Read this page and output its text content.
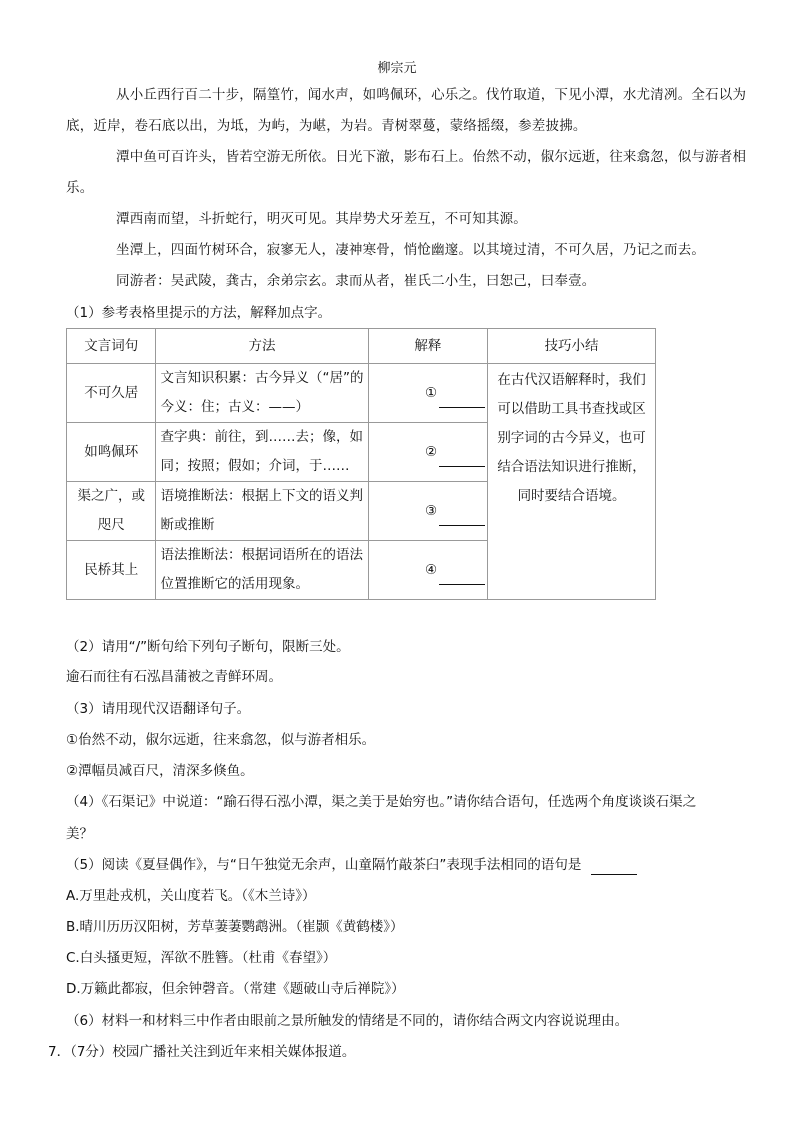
柳宗元
从小丘西行百二十步，隔篁竹，闻水声，如鸣佩环，心乐之。伐竹取道，下见小潭，水尤清冽。全石以为底，近岸，卷石底以出，为坻，为屿，为嵁，为岩。青树翠蔓，蒙络摇缀，参差披拂。
潭中鱼可百许头，皆若空游无所依。日光下澈，影布石上。佁然不动，俶尔远逝，往来翕忽，似与游者相乐。
潭西南而望，斗折蛇行，明灭可见。其岸势犬牙差互，不可知其源。
坐潭上，四面竹树环合，寂寥无人，凄神寒骨，悄怆幽邃。以其境过清，不可久居，乃记之而去。
同游者：吴武陵，龚古，余弟宗玄。隶而从者，崔氏二小生，曰恕己，曰奉壹。
（1）参考表格里提示的方法，解释加点字。
文言词句	方法	解释	技巧小结
不可久居	文言知识积累：古今异义（“居”的今义：住；古义：——）	①	在古代汉语解释时，我们可以借助工具书查找或区别字词的古今异义，也可结合语法知识进行推断，同时要结合语境。
如鸣佩环	查字典：前往，到……去；像，如同；按照；假如；介词，于……	②	
渠之广，或咫尺	语境推断法：根据上下文的语义判断或推断	③	
民桥其上	语法推断法：根据词语所在的语法位置推断它的活用现象。	④	
（2）请用“/”断句给下列句子断句，限断三处。
逾石而往有石泓昌蒲被之青鲜环周。
（3）请用现代汉语翻译句子。
①佁然不动，俶尔远逝，往来翕忽，似与游者相乐。
②潭幅员减百尺，清深多倏鱼。
（4）《石渠记》中说道：“踰石得石泓小潭，渠之美于是始穷也。”请你结合语句，任选两个角度谈谈石渠之
美？
（5）阅读《夏昼偶作》，与“日午独觉无余声，山童隔竹敲茶臼”表现手法相同的语句是
A.万里赴戎机，关山度若飞。（《木兰诗》）
B.晴川历历汉阳树，芳草萋萋鹦鹉洲。（崔颢《黄鹤楼》）
C.白头搔更短，浑欲不胜簪。（杜甫《春望》）
D.万籁此都寂，但余钟磬音。（常建《题破山寺后禅院》）
（6）材料一和材料三中作者由眼前之景所触发的情绪是不同的，请你结合两文内容说说理由。
7．（7分）校园广播社关注到近年来相关媒体报道。
